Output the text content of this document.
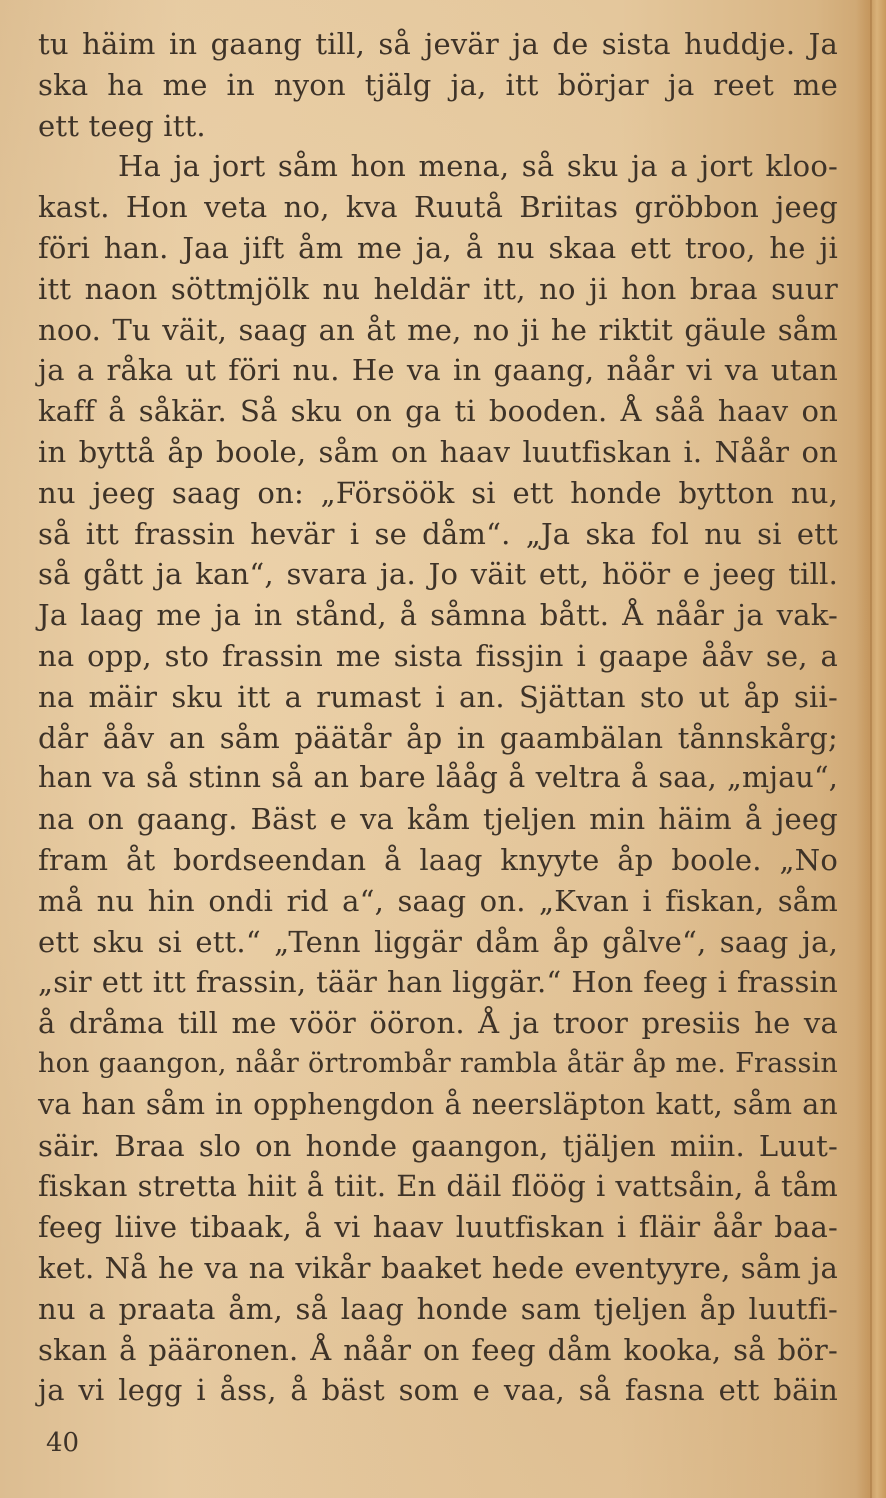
tu häim in gaang till, så jevär ja de sista huddje. Ja
ska ha me in nyon tjälg ja, itt börjar ja reet me
ett teeg itt.
Ha ja jort såm hon mena, så sku ja a jort kloo-
kast. Hon veta no, kva Ruutå Briitas gröbbon jeeg
föri han. Jaa jift åm me ja, å nu skaa ett troo, he ji
itt naon söttmjölk nu heldär itt, no ji hon braa suur
noo. Tu väit, saag an åt me, no ji he riktit gäule såm
ja a råka ut föri nu. He va in gaang, nåår vi va utan
kaff å såkär. Så sku on ga ti booden. Å såå haav on
in byttå åp boole, såm on haav luutfiskan i. Nåår on
nu jeeg saag on: „Försöök si ett honde bytton nu,
så itt frassin hevär i se dåm“. „Ja ska fol nu si ett
så gått ja kan“, svara ja. Jo väit ett, höör e jeeg till.
Ja laag me ja in stånd, å såmna bått. Å nåår ja vak-
na opp, sto frassin me sista fissjin i gaape ååv se, a
na mäir sku itt a rumast i an. Sjättan sto ut åp sii-
dår ååv an såm päätår åp in gaambälan tånnskårg;
han va så stinn så an bare lååg å veltra å saa, „mjau“,
na on gaang. Bäst e va kåm tjeljen min häim å jeeg
fram åt bordseendan å laag knyyte åp boole. „No
må nu hin ondi rid a“, saag on. „Kvan i fiskan, såm
ett sku si ett.“ „Tenn liggär dåm åp gålve“, saag ja,
„sir ett itt frassin, täär han liggär.“ Hon feeg i frassin
å dråma till me vöör ööron. Å ja troor presiis he va
hon gaangon, nåår örtrombår rambla åtär åp me. Frassin
va han såm in opphengdon å neersläpton katt, såm an
säir. Braa slo on honde gaangon, tjäljen miin. Luut-
fiskan stretta hiit å tiit. En däil flöög i vattsåin, å tåm
feeg liive tibaak, å vi haav luutfiskan i fläir åår baa-
ket. Nå he va na vikår baaket hede eventyyre, såm ja
nu a praata åm, så laag honde sam tjeljen åp luutfi-
skan å pääronen. Å nåår on feeg dåm kooka, så bör-
ja vi legg i åss, å bäst som e vaa, så fasna ett bäin
40
